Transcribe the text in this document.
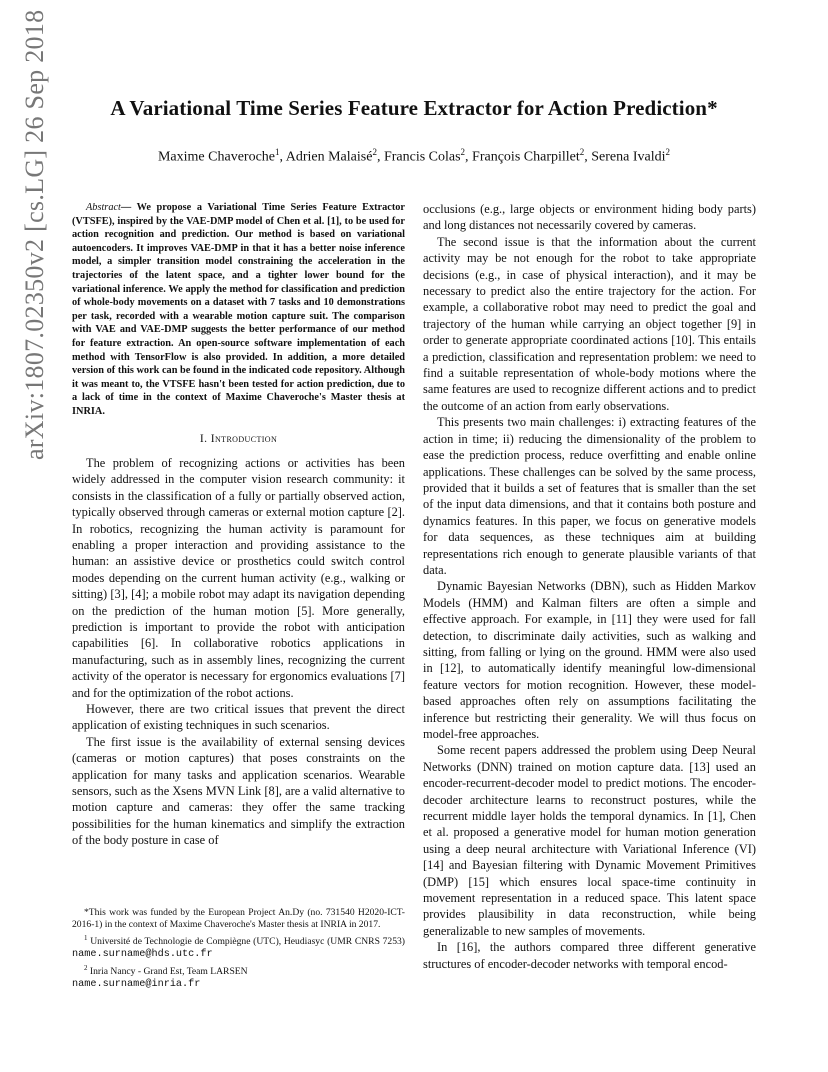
arXiv:1807.02350v2 [cs.LG] 26 Sep 2018	A Variational Time Series Feature Extractor for Action Prediction*
Maxime Chaveroche$^1$, Adrien Malaisé$^2$, Francis Colas$^2$, François Charpillet$^2$, Serena Ivaldi$^2$

Abstract— We propose a Variational Time Series Feature Extractor (VTSFE), inspired by the VAE-DMP model of Chen et al. [1], to be used for action recognition and prediction. Our method is based on variational autoencoders. It improves VAE-DMP in that it has a better noise inference model, a simpler transition model constraining the acceleration in the trajectories of the latent space, and a tighter lower bound for the variational inference. We apply the method for classification and prediction of whole-body movements on a dataset with 7 tasks and 10 demonstrations per task, recorded with a wearable motion capture suit. The comparison with VAE and VAE-DMP suggests the better performance of our method for feature extraction. An open-source software implementation of each method with TensorFlow is also provided. In addition, a more detailed version of this work can be found in the indicated code repository. Although it was meant to, the VTSFE hasn't been tested for action prediction, due to a lack of time in the context of Maxime Chaveroche's Master thesis at INRIA.

I. Introduction

The problem of recognizing actions or activities has been widely addressed in the computer vision research community: it consists in the classification of a fully or partially observed action, typically observed through cameras or external motion capture [2]. In robotics, recognizing the human activity is paramount for enabling a proper interaction and providing assistance to the human: an assistive device or prosthetics could switch control modes depending on the current human activity (e.g., walking or sitting) [3], [4]; a mobile robot may adapt its navigation depending on the prediction of the human motion [5]. More generally, prediction is important to provide the robot with anticipation capabilities [6]. In collaborative robotics applications in manufacturing, such as in assembly lines, recognizing the current activity of the operator is necessary for ergonomics evaluations [7] and for the optimization of the robot actions.

However, there are two critical issues that prevent the direct application of existing techniques in such scenarios.

The first issue is the availability of external sensing devices (cameras or motion captures) that poses constraints on the application for many tasks and application scenarios. Wearable sensors, such as the Xsens MVN Link [8], are a valid alternative to motion capture and cameras: they offer the same tracking possibilities for the human kinematics and simplify the extraction of the body posture in case of

*This work was funded by the European Project An.Dy (no. 731540 H2020-ICT-2016-1) in the context of Maxime Chaveroche's Master thesis at INRIA in 2017.

$^1$ Université de Technologie de Compiègne (UTC), Heudiasyc (UMR CNRS 7253) name.surname@hds.utc.fr

$^2$ Inria Nancy - Grand Est, Team LARSEN
name.surname@inria.fr

occlusions (e.g., large objects or environment hiding body parts) and long distances not necessarily covered by cameras.

The second issue is that the information about the current activity may be not enough for the robot to take appropriate decisions (e.g., in case of physical interaction), and it may be necessary to predict also the entire trajectory for the action. For example, a collaborative robot may need to predict the goal and trajectory of the human while carrying an object together [9] in order to generate appropriate coordinated actions [10]. This entails a prediction, classification and representation problem: we need to find a suitable representation of whole-body motions where the same features are used to recognize different actions and to predict the outcome of an action from early observations.

This presents two main challenges: i) extracting features of the action in time; ii) reducing the dimensionality of the problem to ease the prediction process, reduce overfitting and enable online applications. These challenges can be solved by the same process, provided that it builds a set of features that is smaller than the set of the input data dimensions, and that it contains both posture and dynamics features. In this paper, we focus on generative models for data sequences, as these techniques aim at building representations rich enough to generate plausible variants of that data.

Dynamic Bayesian Networks (DBN), such as Hidden Markov Models (HMM) and Kalman filters are often a simple and effective approach. For example, in [11] they were used for fall detection, to discriminate daily activities, such as walking and sitting, from falling or lying on the ground. HMM were also used in [12], to automatically identify meaningful low-dimensional feature vectors for motion recognition. However, these model-based approaches often rely on assumptions facilitating the inference but restricting their generality. We will thus focus on model-free approaches.

Some recent papers addressed the problem using Deep Neural Networks (DNN) trained on motion capture data. [13] used an encoder-recurrent-decoder model to predict motions. The encoder-decoder architecture learns to reconstruct postures, while the recurrent middle layer holds the temporal dynamics. In [1], Chen et al. proposed a generative model for human motion generation using a deep neural architecture with Variational Inference (VI) [14] and Bayesian filtering with Dynamic Movement Primitives (DMP) [15] which ensures local space-time continuity in movement representation in a reduced space. This latent space provides plausibility in data reconstruction, while being generalizable to new samples of movements.

In [16], the authors compared three different generative structures of encoder-decoder networks with temporal encod-
